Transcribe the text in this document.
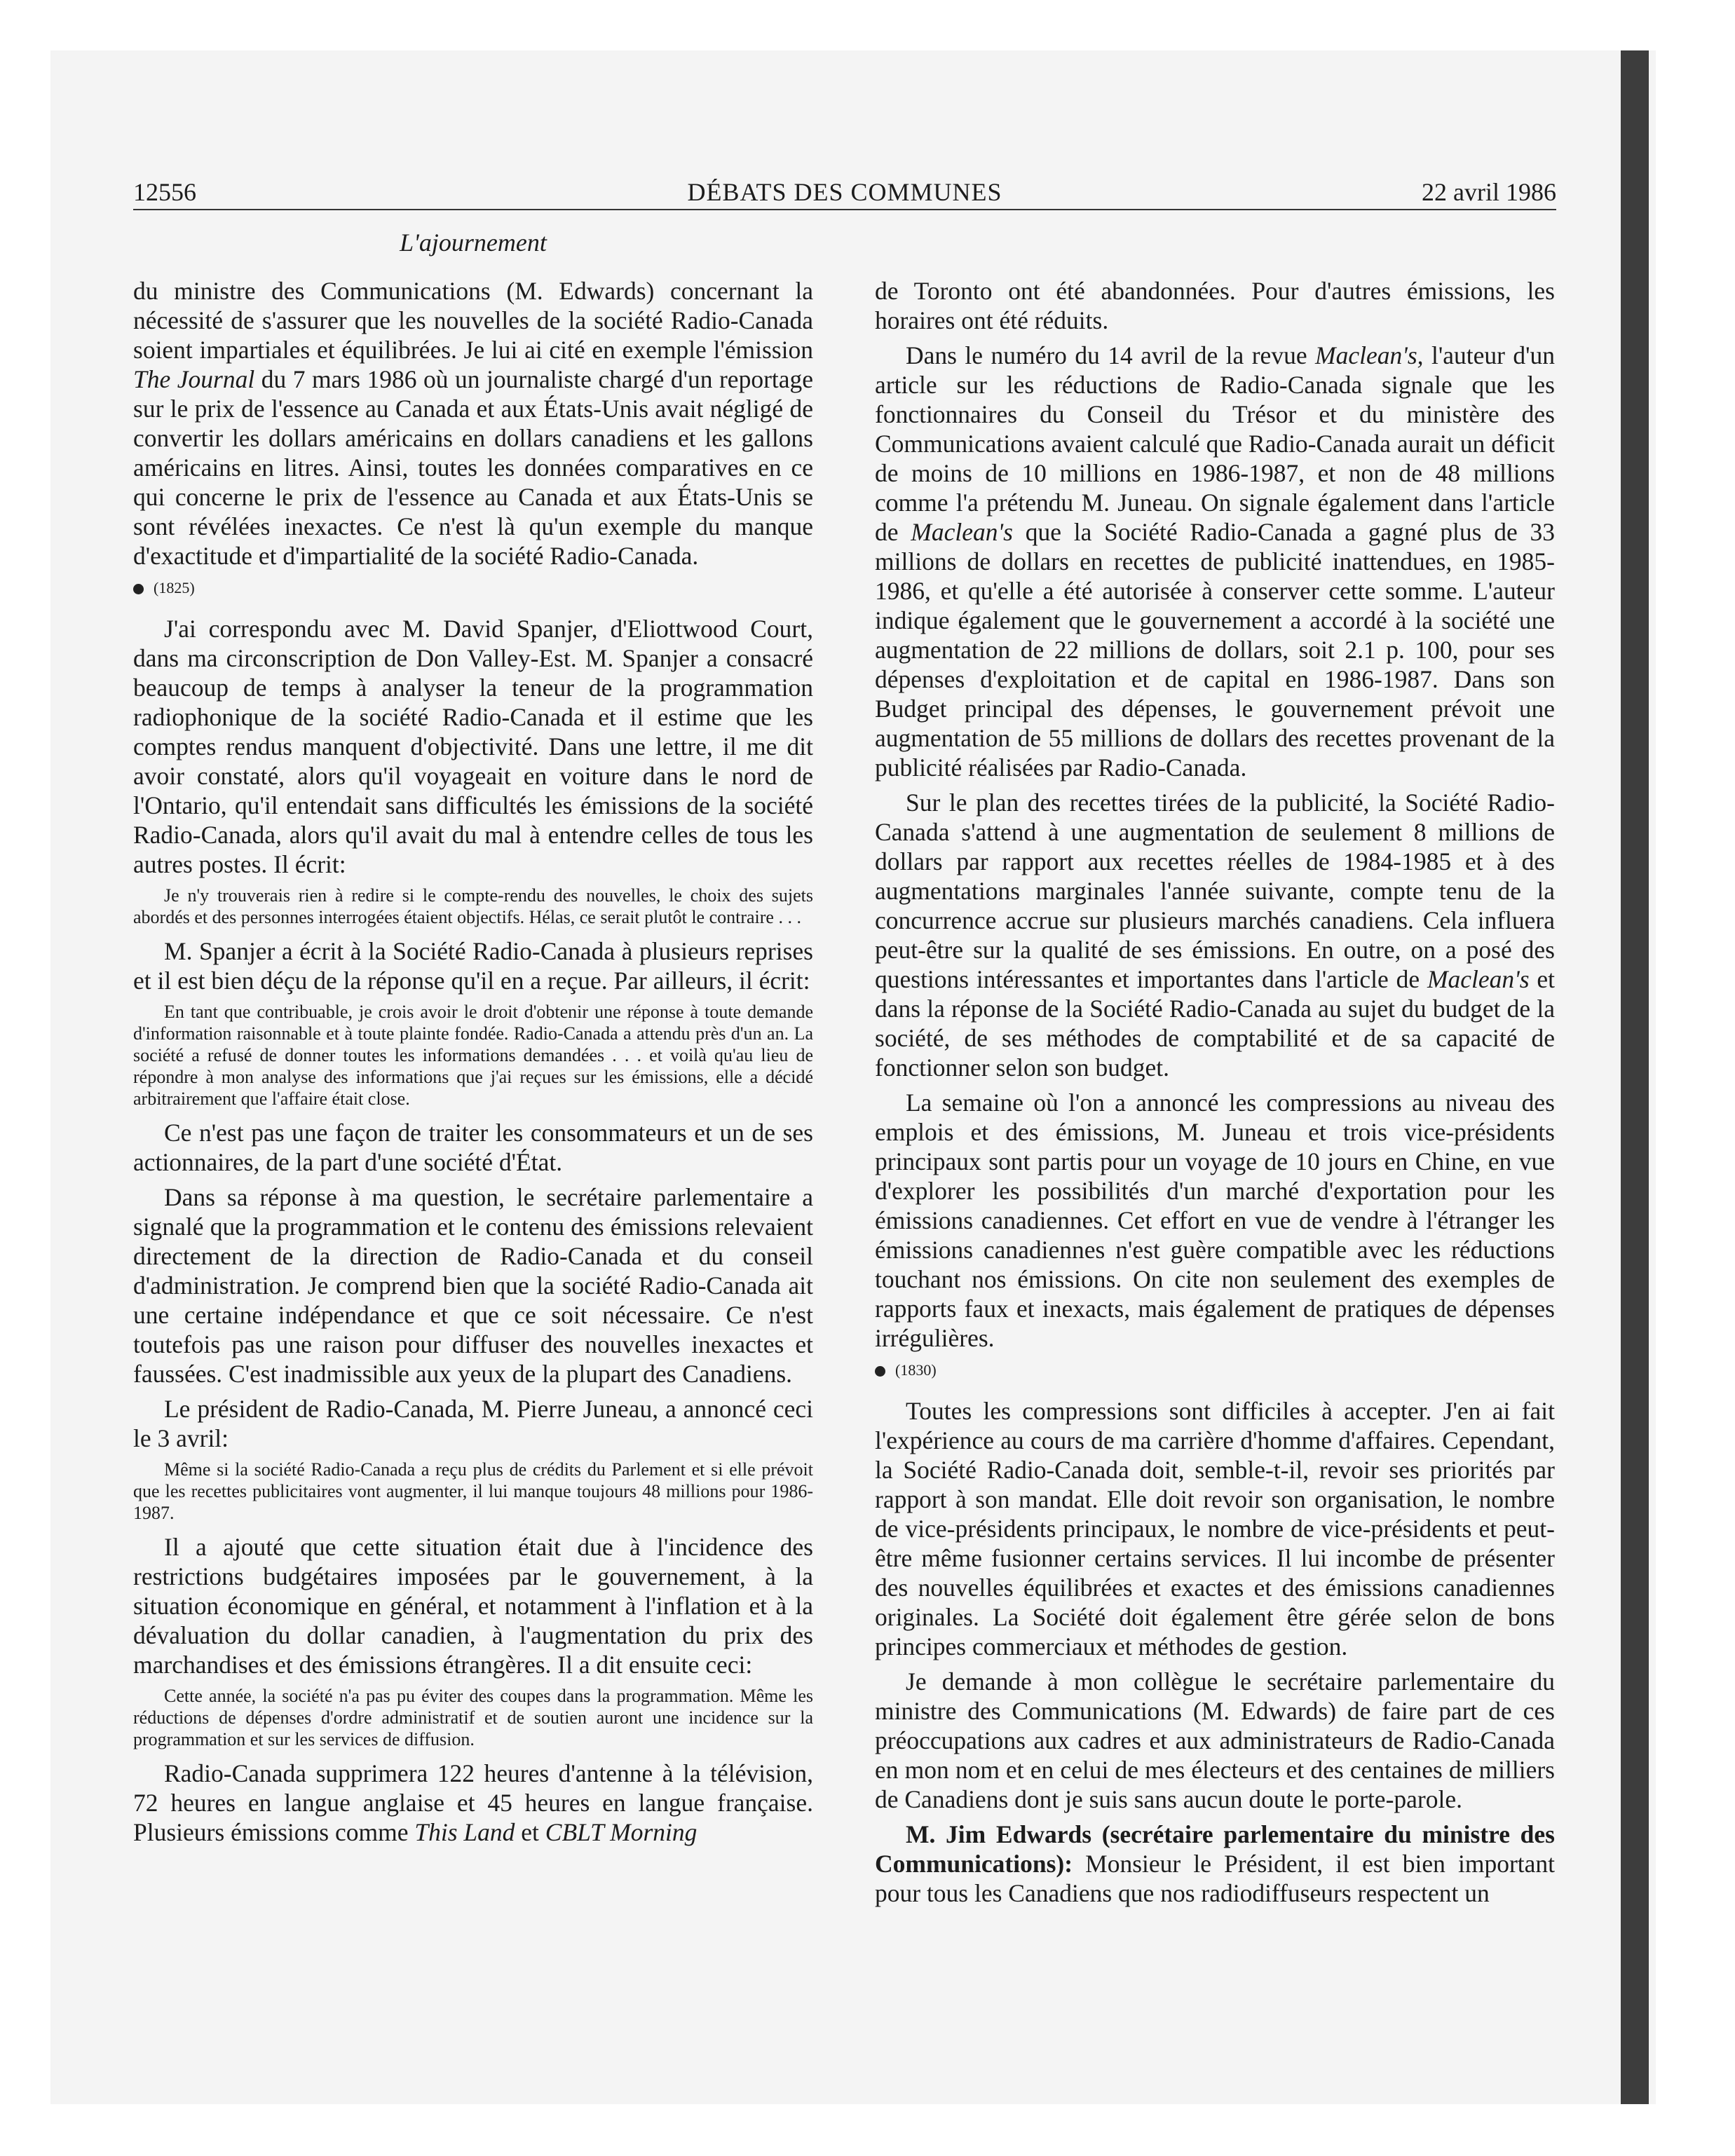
12556	DÉBATS DES COMMUNES	22 avril 1986
L'ajournement

du ministre des Communications (M. Edwards) concernant la nécessité de s'assurer que les nouvelles de la société Radio-Canada soient impartiales et équilibrées. Je lui ai cité en exemple l'émission The Journal du 7 mars 1986 où un journaliste chargé d'un reportage sur le prix de l'essence au Canada et aux États-Unis avait négligé de convertir les dollars américains en dollars canadiens et les gallons américains en litres. Ainsi, toutes les données comparatives en ce qui concerne le prix de l'essence au Canada et aux États-Unis se sont révélées inexactes. Ce n'est là qu'un exemple du manque d'exactitude et d'impartialité de la société Radio-Canada.

(1825)

J'ai correspondu avec M. David Spanjer, d'Eliottwood Court, dans ma circonscription de Don Valley-Est. M. Spanjer a consacré beaucoup de temps à analyser la teneur de la programmation radiophonique de la société Radio-Canada et il estime que les comptes rendus manquent d'objectivité. Dans une lettre, il me dit avoir constaté, alors qu'il voyageait en voiture dans le nord de l'Ontario, qu'il entendait sans difficultés les émissions de la société Radio-Canada, alors qu'il avait du mal à entendre celles de tous les autres postes. Il écrit:

Je n'y trouverais rien à redire si le compte-rendu des nouvelles, le choix des sujets abordés et des personnes interrogées étaient objectifs. Hélas, ce serait plutôt le contraire . . .

M. Spanjer a écrit à la Société Radio-Canada à plusieurs reprises et il est bien déçu de la réponse qu'il en a reçue. Par ailleurs, il écrit:

En tant que contribuable, je crois avoir le droit d'obtenir une réponse à toute demande d'information raisonnable et à toute plainte fondée. Radio-Canada a attendu près d'un an. La société a refusé de donner toutes les informations demandées . . . et voilà qu'au lieu de répondre à mon analyse des informations que j'ai reçues sur les émissions, elle a décidé arbitrairement que l'affaire était close.

Ce n'est pas une façon de traiter les consommateurs et un de ses actionnaires, de la part d'une société d'État.

Dans sa réponse à ma question, le secrétaire parlementaire a signalé que la programmation et le contenu des émissions relevaient directement de la direction de Radio-Canada et du conseil d'administration. Je comprend bien que la société Radio-Canada ait une certaine indépendance et que ce soit nécessaire. Ce n'est toutefois pas une raison pour diffuser des nouvelles inexactes et faussées. C'est inadmissible aux yeux de la plupart des Canadiens.

Le président de Radio-Canada, M. Pierre Juneau, a annoncé ceci le 3 avril:

Même si la société Radio-Canada a reçu plus de crédits du Parlement et si elle prévoit que les recettes publicitaires vont augmenter, il lui manque toujours 48 millions pour 1986-1987.

Il a ajouté que cette situation était due à l'incidence des restrictions budgétaires imposées par le gouvernement, à la situation économique en général, et notamment à l'inflation et à la dévaluation du dollar canadien, à l'augmentation du prix des marchandises et des émissions étrangères. Il a dit ensuite ceci:

Cette année, la société n'a pas pu éviter des coupes dans la programmation. Même les réductions de dépenses d'ordre administratif et de soutien auront une incidence sur la programmation et sur les services de diffusion.

Radio-Canada supprimera 122 heures d'antenne à la télévision, 72 heures en langue anglaise et 45 heures en langue française. Plusieurs émissions comme This Land et CBLT Morning

de Toronto ont été abandonnées. Pour d'autres émissions, les horaires ont été réduits.

Dans le numéro du 14 avril de la revue Maclean's, l'auteur d'un article sur les réductions de Radio-Canada signale que les fonctionnaires du Conseil du Trésor et du ministère des Communications avaient calculé que Radio-Canada aurait un déficit de moins de 10 millions en 1986-1987, et non de 48 millions comme l'a prétendu M. Juneau. On signale également dans l'article de Maclean's que la Société Radio-Canada a gagné plus de 33 millions de dollars en recettes de publicité inattendues, en 1985-1986, et qu'elle a été autorisée à conserver cette somme. L'auteur indique également que le gouvernement a accordé à la société une augmentation de 22 millions de dollars, soit 2.1 p. 100, pour ses dépenses d'exploitation et de capital en 1986-1987. Dans son Budget principal des dépenses, le gouvernement prévoit une augmentation de 55 millions de dollars des recettes provenant de la publicité réalisées par Radio-Canada.

Sur le plan des recettes tirées de la publicité, la Société Radio-Canada s'attend à une augmentation de seulement 8 millions de dollars par rapport aux recettes réelles de 1984-1985 et à des augmentations marginales l'année suivante, compte tenu de la concurrence accrue sur plusieurs marchés canadiens. Cela influera peut-être sur la qualité de ses émissions. En outre, on a posé des questions intéressantes et importantes dans l'article de Maclean's et dans la réponse de la Société Radio-Canada au sujet du budget de la société, de ses méthodes de comptabilité et de sa capacité de fonctionner selon son budget.

La semaine où l'on a annoncé les compressions au niveau des emplois et des émissions, M. Juneau et trois vice-présidents principaux sont partis pour un voyage de 10 jours en Chine, en vue d'explorer les possibilités d'un marché d'exportation pour les émissions canadiennes. Cet effort en vue de vendre à l'étranger les émissions canadiennes n'est guère compatible avec les réductions touchant nos émissions. On cite non seulement des exemples de rapports faux et inexacts, mais également de pratiques de dépenses irrégulières.

(1830)

Toutes les compressions sont difficiles à accepter. J'en ai fait l'expérience au cours de ma carrière d'homme d'affaires. Cependant, la Société Radio-Canada doit, semble-t-il, revoir ses priorités par rapport à son mandat. Elle doit revoir son organisation, le nombre de vice-présidents principaux, le nombre de vice-présidents et peut-être même fusionner certains services. Il lui incombe de présenter des nouvelles équilibrées et exactes et des émissions canadiennes originales. La Société doit également être gérée selon de bons principes commerciaux et méthodes de gestion.

Je demande à mon collègue le secrétaire parlementaire du ministre des Communications (M. Edwards) de faire part de ces préoccupations aux cadres et aux administrateurs de Radio-Canada en mon nom et en celui de mes électeurs et des centaines de milliers de Canadiens dont je suis sans aucun doute le porte-parole.

M. Jim Edwards (secrétaire parlementaire du ministre des Communications): Monsieur le Président, il est bien important pour tous les Canadiens que nos radiodiffuseurs respectent un
